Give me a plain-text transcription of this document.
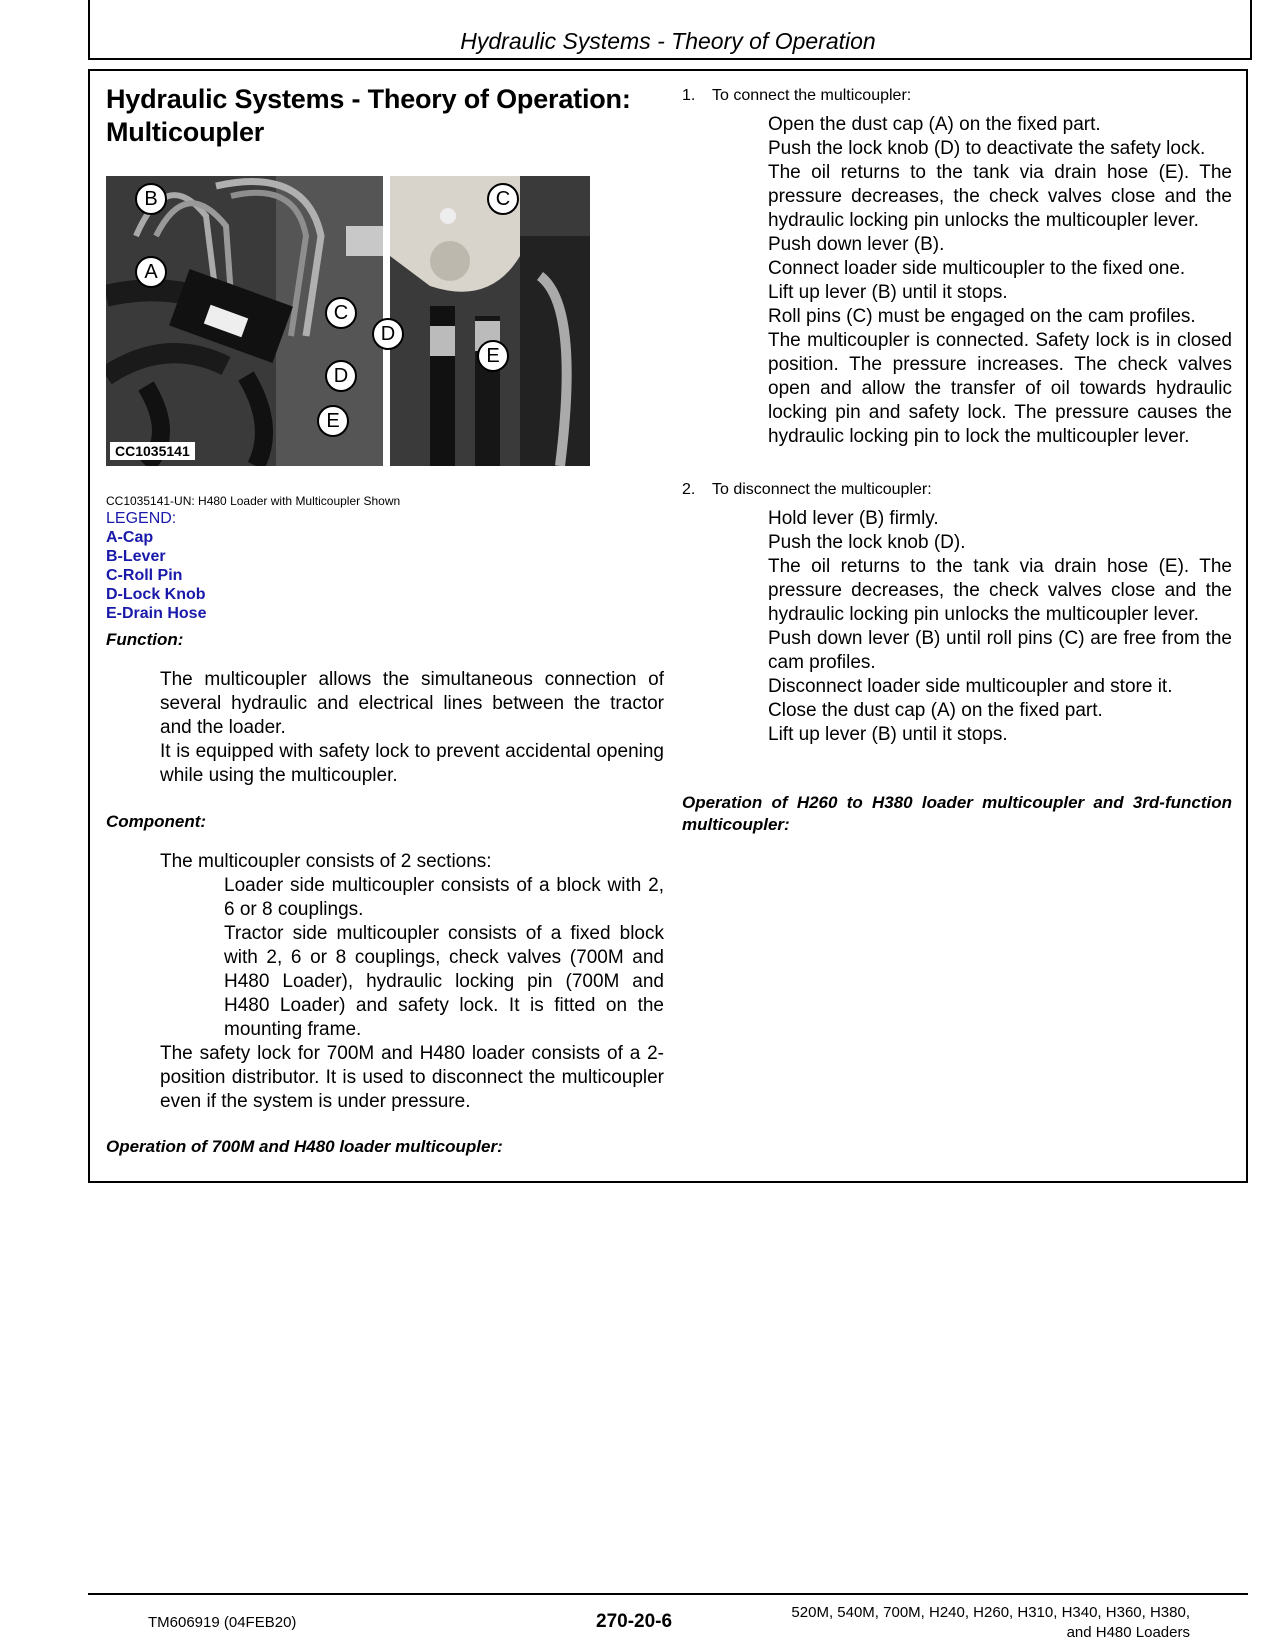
Hydraulic Systems - Theory of Operation
Hydraulic Systems - Theory of Operation:
Multicoupler
CC1035141
CC1035141-UN: H480 Loader with Multicoupler Shown
LEGEND:
A-Cap
B-Lever
C-Roll Pin
D-Lock Knob
E-Drain Hose
Function:
The multicoupler allows the simultaneous connection of several hydraulic and electrical lines between the tractor and the loader.
It is equipped with safety lock to prevent accidental opening while using the multicoupler.
Component:
The multicoupler consists of 2 sections:
Loader side multicoupler consists of a block with 2, 6 or 8 couplings.
Tractor side multicoupler consists of a fixed block with 2, 6 or 8 couplings, check valves (700M and H480 Loader), hydraulic locking pin (700M and H480 Loader) and safety lock. It is fitted on the mounting frame.
The safety lock for 700M and H480 loader consists of a 2-position distributor. It is used to disconnect the multicoupler even if the system is under pressure.
Operation of 700M and H480 loader multicoupler:
1. To connect the multicoupler:
Open the dust cap (A) on the fixed part.
Push the lock knob (D) to deactivate the safety lock.
The oil returns to the tank via drain hose (E). The pressure decreases, the check valves close and the hydraulic locking pin unlocks the multicoupler lever.
Push down lever (B).
Connect loader side multicoupler to the fixed one.
Lift up lever (B) until it stops.
Roll pins (C) must be engaged on the cam profiles.
The multicoupler is connected. Safety lock is in closed position. The pressure increases. The check valves open and allow the transfer of oil towards hydraulic locking pin and safety lock. The pressure causes the hydraulic locking pin to lock the multicoupler lever.
2. To disconnect the multicoupler:
Hold lever (B) firmly.
Push the lock knob (D).
The oil returns to the tank via drain hose (E). The pressure decreases, the check valves close and the hydraulic locking pin unlocks the multicoupler lever.
Push down lever (B) until roll pins (C) are free from the cam profiles.
Disconnect loader side multicoupler and store it.
Close the dust cap (A) on the fixed part.
Lift up lever (B) until it stops.
Operation of H260 to H380 loader multicoupler and 3rd-function multicoupler:
TM606919 (04FEB20)	270-20-6	520M, 540M, 700M, H240, H260, H310, H340, H360, H380,
and H480 Loaders
B
A
C
D
E
C
D
E
